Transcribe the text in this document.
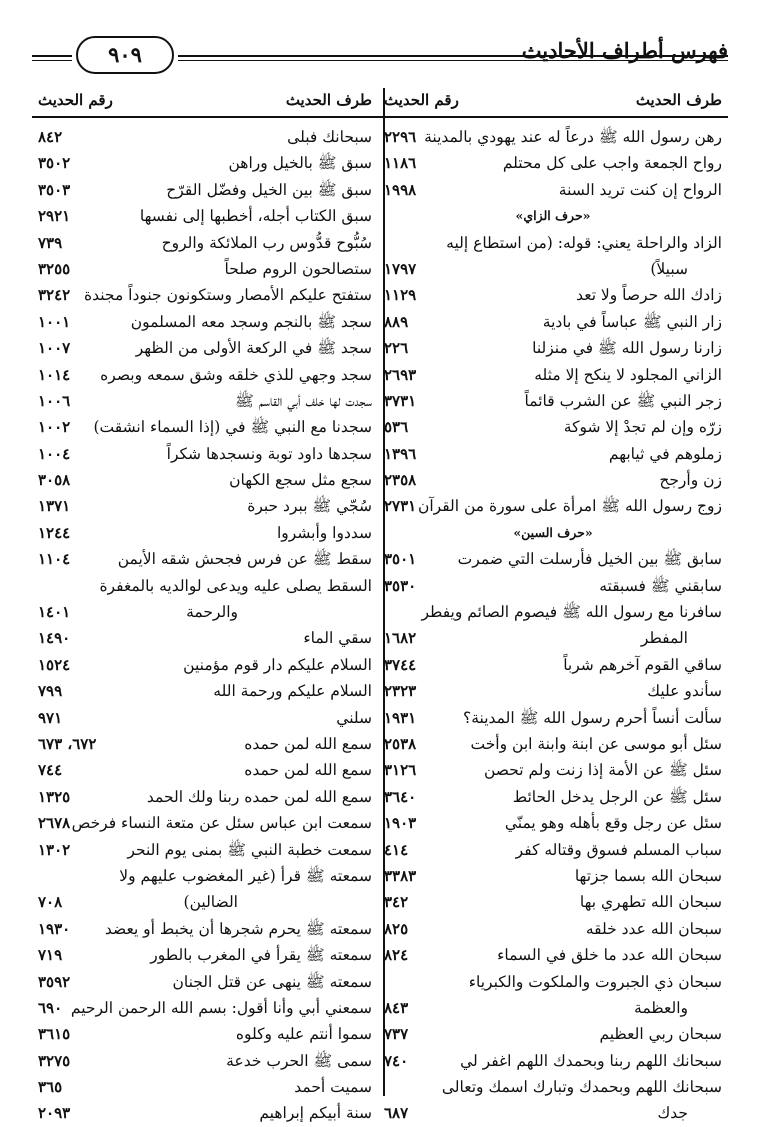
فهرس أطراف الأحاديث
٩٠٩
طرف الحديث
رقم الحديث
رهن رسول الله ﷺ درعاً له عند يهودي بالمدينة
٢٢٩٦
رواح الجمعة واجب على كل محتلم
١١٨٦
الرواح إن كنت تريد السنة
١٩٩٨
«حرف الزاي»
الزاد والراحلة يعني: قوله: (من استطاع إليه
سبيلاً)
١٧٩٧
زادك الله حرصاً ولا تعد
١١٢٩
زار النبي ﷺ عباساً في بادية
٨٨٩
زارنا رسول الله ﷺ في منزلنا
٢٢٦
الزاني المجلود لا ينكح إلا مثله
٢٦٩٣
زجر النبي ﷺ عن الشرب قائماً
٣٧٣١
زرّه وإن لم تجدْ إلا شوكة
٥٣٦
زملوهم في ثيابهم
١٣٩٦
زن وأرجح
٢٣٥٨
زوج رسول الله ﷺ امرأة على سورة من القرآن
٢٧٣١
«حرف السين»
سابق ﷺ بين الخيل فأرسلت التي ضمرت
٣٥٠١
سابقني ﷺ فسبقته
٣٥٣٠
سافرنا مع رسول الله ﷺ فيصوم الصائم ويفطر
المفطر
١٦٨٢
ساقي القوم آخرهم شرباً
٣٧٤٤
سأندو عليك
٢٣٢٣
سألت أنساً أحرم رسول الله ﷺ المدينة؟
١٩٣١
سئل أبو موسى عن ابنة وابنة ابن وأخت
٢٥٣٨
سئل ﷺ عن الأمة إذا زنت ولم تحصن
٣١٢٦
سئل ﷺ عن الرجل يدخل الحائط
٣٦٤٠
سئل عن رجل وقع بأهله وهو يمنّي
١٩٠٣
سباب المسلم فسوق وقتاله كفر
٤١٤
سبحان الله بسما جزتها
٣٣٨٣
سبحان الله تطهري بها
٣٤٢
سبحان الله عدد خلقه
٨٢٥
سبحان الله عدد ما خلق في السماء
٨٢٤
سبحان ذي الجبروت والملكوت والكبرياء
والعظمة
٨٤٣
سبحان ربي العظيم
٧٣٧
سبحانك اللهم ربنا وبحمدك اللهم اغفر لي
٧٤٠
سبحانك اللهم وبحمدك وتبارك اسمك وتعالى
جدك
٦٨٧
طرف الحديث
رقم الحديث
سبحانك فبلى
٨٤٢
سبق ﷺ بالخيل وراهن
٣٥٠٢
سبق ﷺ بين الخيل وفضّل القرّح
٣٥٠٣
سبق الكتاب أجله، أخطبها إلى نفسها
٢٩٢١
سُبُّوح قدُّوس رب الملائكة والروح
٧٣٩
ستصالحون الروم صلحاً
٣٢٥٥
ستفتح عليكم الأمصار وستكونون جنوداً مجندة
٣٢٤٢
سجد ﷺ بالنجم وسجد معه المسلمون
١٠٠١
سجد ﷺ في الركعة الأولى من الظهر
١٠٠٧
سجد وجهي للذي خلقه وشق سمعه وبصره
١٠١٤
سجدت لها خلف أبي القاسم ﷺ
١٠٠٦
سجدنا مع النبي ﷺ في (إذا السماء انشقت)
١٠٠٢
سجدها داود توبة ونسجدها شكراً
١٠٠٤
سجع مثل سجع الكهان
٣٠٥٨
سُجّي ﷺ ببرد حبرة
١٣٧١
سددوا وأبشروا
١٢٤٤
سقط ﷺ عن فرس فجحش شقه الأيمن
١١٠٤
السقط يصلى عليه ويدعى لوالديه بالمغفرة
والرحمة
١٤٠١
سقي الماء
١٤٩٠
السلام عليكم دار قوم مؤمنين
١٥٢٤
السلام عليكم ورحمة الله
٧٩٩
سلني
٩٧١
سمع الله لمن حمده
٦٧٢، ٦٧٣
سمع الله لمن حمده
٧٤٤
سمع الله لمن حمده ربنا ولك الحمد
١٣٢٥
سمعت ابن عباس سئل عن متعة النساء فرخص
٢٦٧٨
سمعت خطبة النبي ﷺ بمنى يوم النحر
١٣٠٢
سمعته ﷺ قرأ (غير المغضوب عليهم ولا
الضالين)
٧٠٨
سمعته ﷺ يحرم شجرها أن يخبط أو يعضد
١٩٣٠
سمعته ﷺ يقرأ في المغرب بالطور
٧١٩
سمعته ﷺ ينهى عن قتل الجنان
٣٥٩٢
سمعني أبي وأنا أقول: بسم الله الرحمن الرحيم
٦٩٠
سموا أنتم عليه وكلوه
٣٦١٥
سمى ﷺ الحرب خدعة
٣٢٧٥
سميت أحمد
٣٦٥
سنة أبيكم إبراهيم
٢٠٩٣
